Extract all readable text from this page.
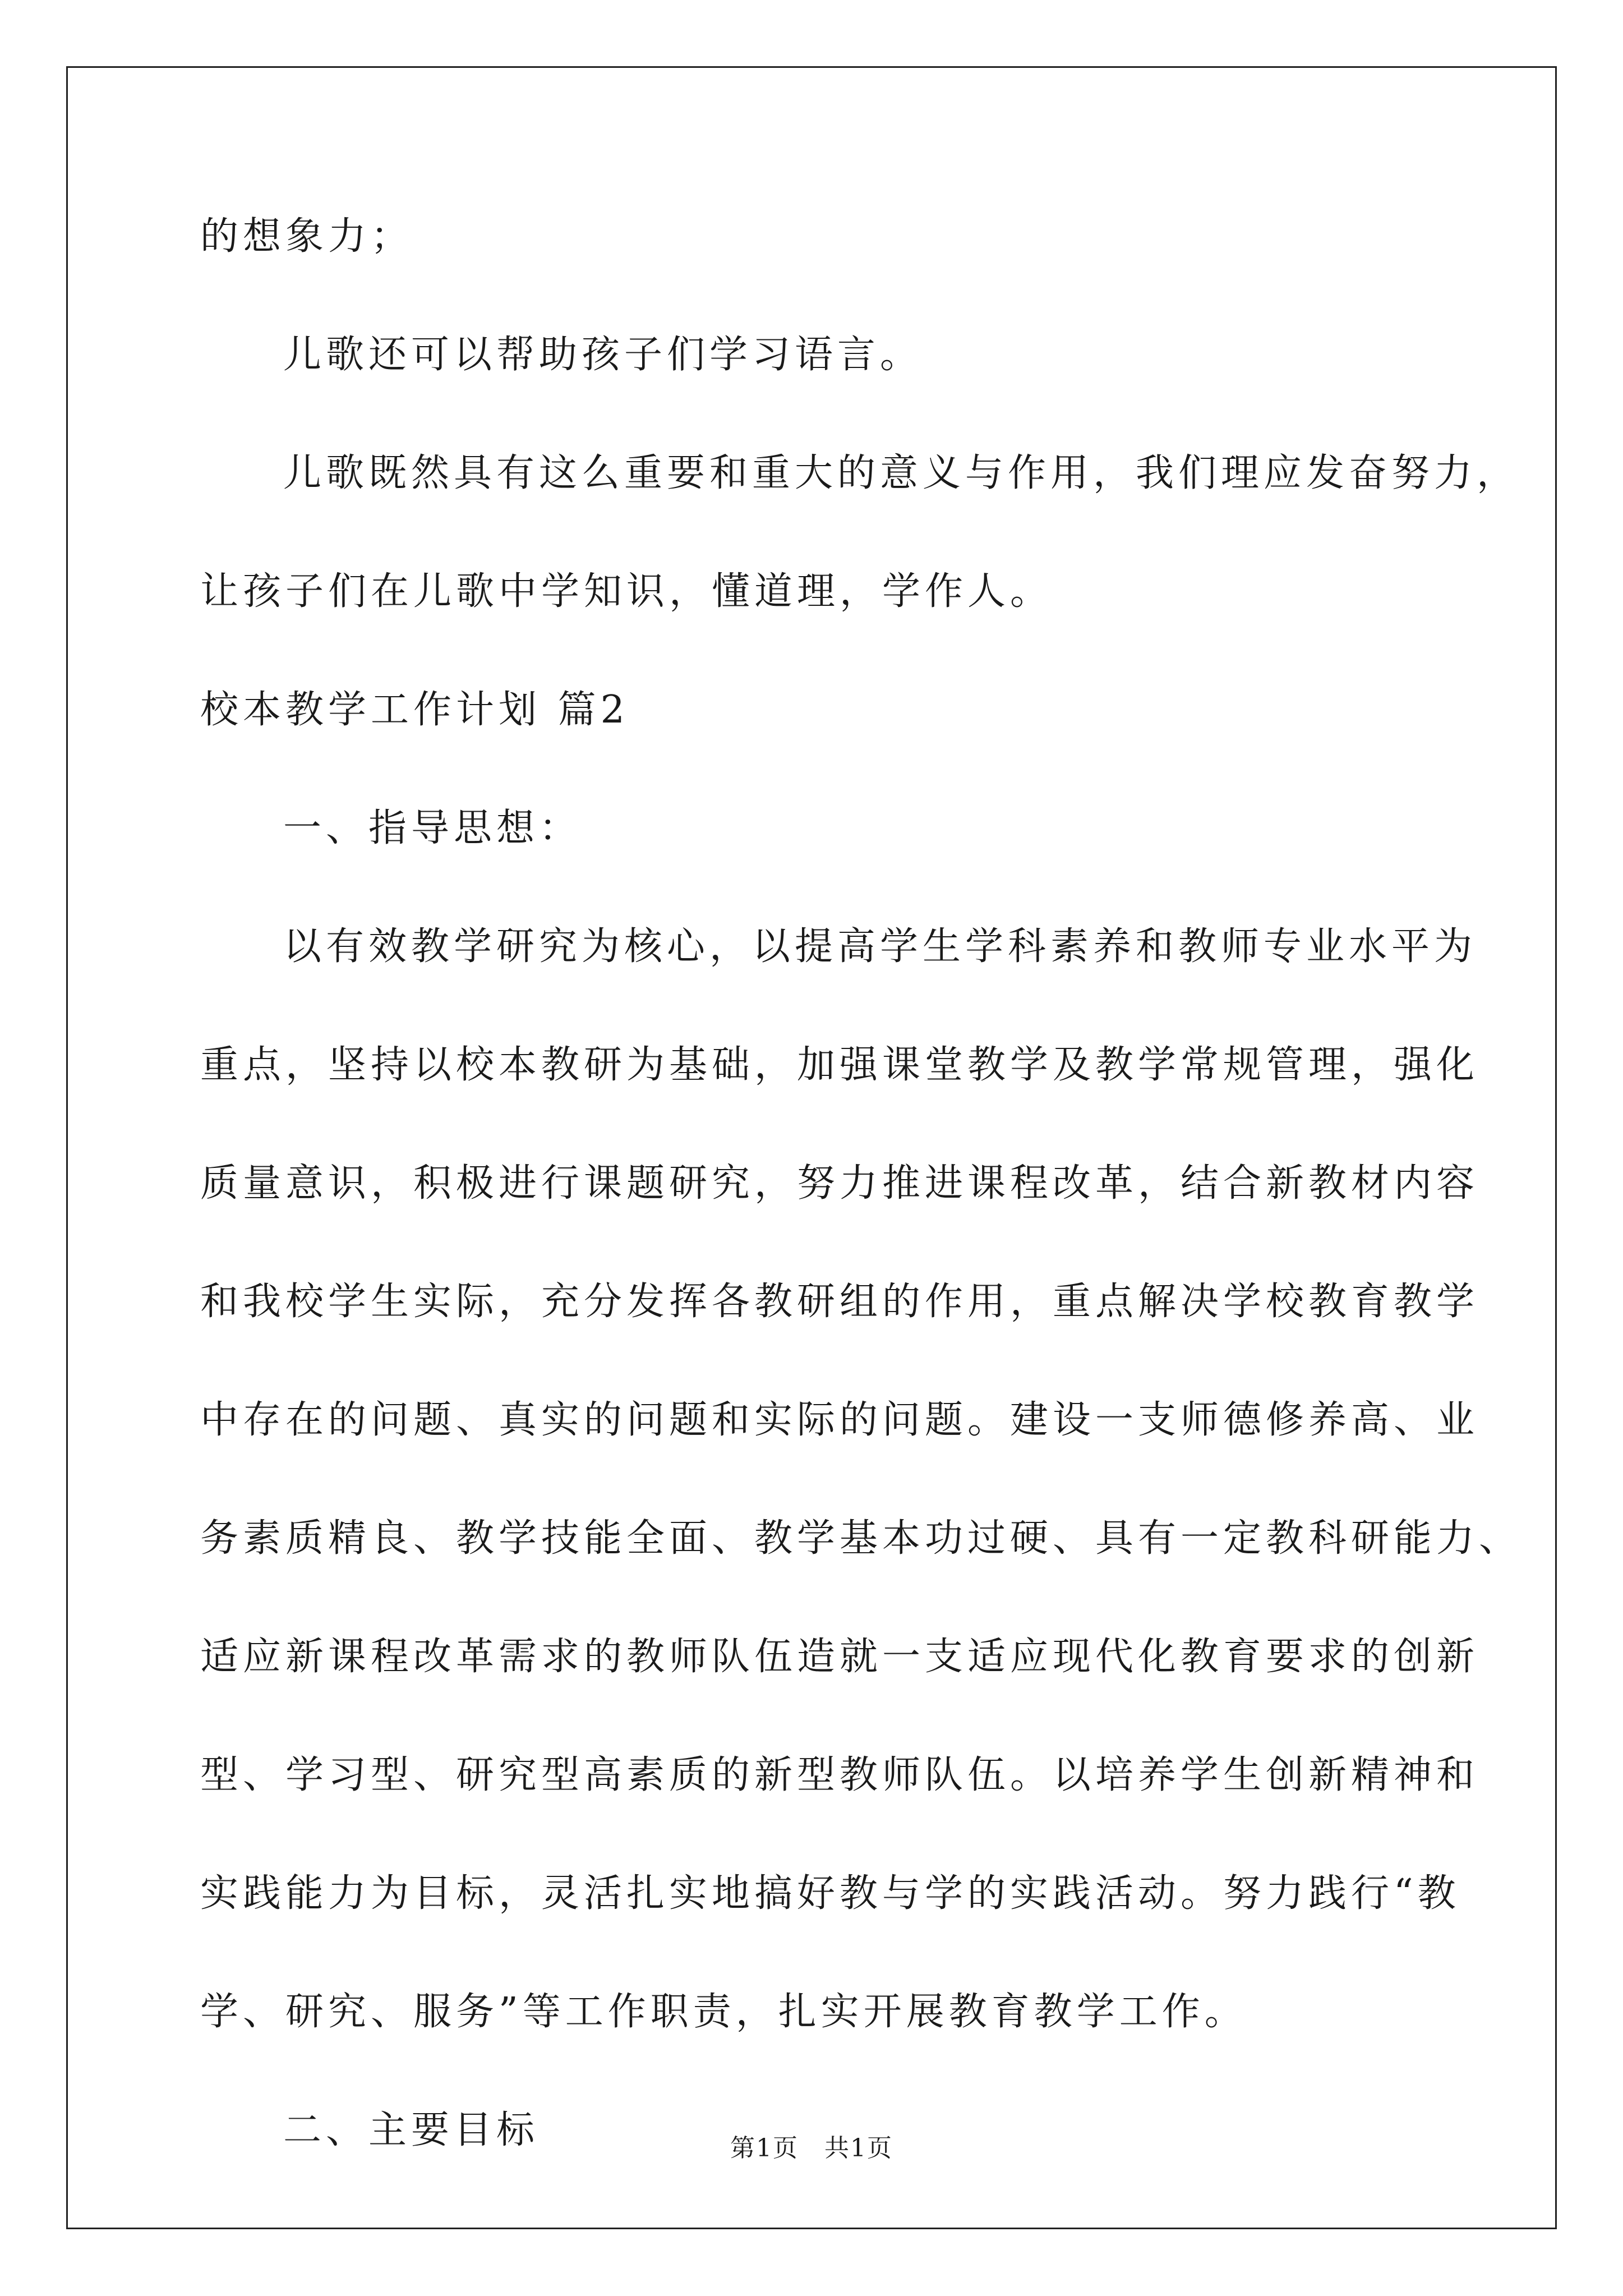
的想象力；
儿歌还可以帮助孩子们学习语言。
儿歌既然具有这么重要和重大的意义与作用，我们理应发奋努力，
让孩子们在儿歌中学知识，懂道理，学作人。
校本教学工作计划 篇2
一、指导思想：
以有效教学研究为核心，以提高学生学科素养和教师专业水平为
重点，坚持以校本教研为基础，加强课堂教学及教学常规管理，强化
质量意识，积极进行课题研究，努力推进课程改革，结合新教材内容
和我校学生实际，充分发挥各教研组的作用，重点解决学校教育教学
中存在的问题、真实的问题和实际的问题。建设一支师德修养高、业
务素质精良、教学技能全面、教学基本功过硬、具有一定教科研能力、
适应新课程改革需求的教师队伍造就一支适应现代化教育要求的创新
型、学习型、研究型高素质的新型教师队伍。以培养学生创新精神和
实践能力为目标，灵活扎实地搞好教与学的实践活动。努力践行“教
学、研究、服务”等工作职责，扎实开展教育教学工作。
二、主要目标	第1页　共1页
